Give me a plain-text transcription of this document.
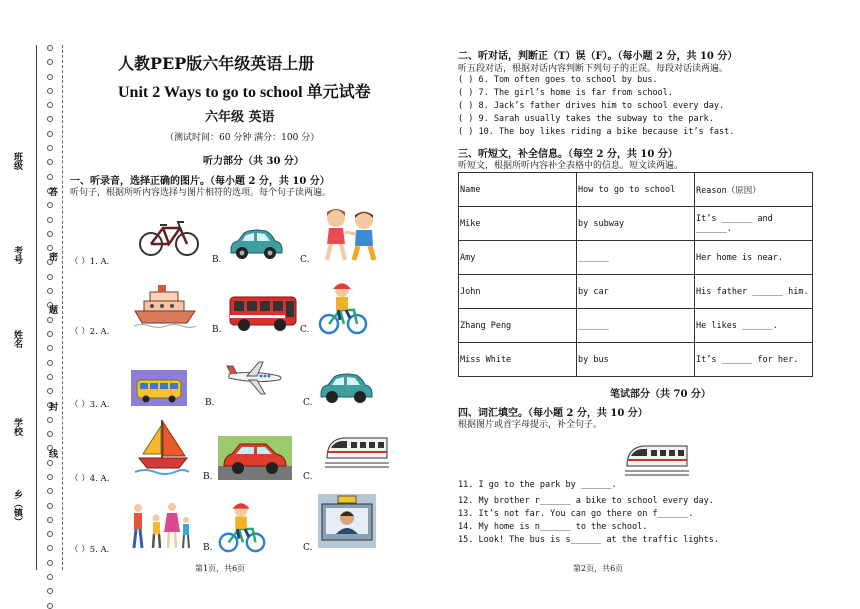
班级
考号
姓名
学校
乡（镇）
答
密
题
封
线
人教PEP版六年级英语上册
Unit 2 Ways to go to school 单元试卷
六年级 英语
（测试时间：60 分钟 满分：100 分）
听力部分（共 30 分）
一、听录音，选择正确的图片。（每小题 2 分，共 10 分）
听句子，根据所听内容选择与图片相符的选项。每个句子读两遍。
（ ）1. A.	B.	C.
（ ）2. A.	B.	C.
（ ）3. A.	B.	C.
（ ）4. A.	B.	C.
（ ）5. A.	B.	C.
第1页，共6页
二、听对话，判断正（T）误（F）。（每小题 2 分，共 10 分）
听五段对话，根据对话内容判断下列句子的正误。每段对话读两遍。
( ) 6. Tom often goes to school by bus.
( ) 7. The girl’s home is far from school.
( ) 8. Jack’s father drives him to school every day.
( ) 9. Sarah usually takes the subway to the park.
( ) 10. The boy likes riding a bike because it’s fast.
三、听短文，补全信息。（每空 2 分，共 10 分）
听短文，根据所听内容补全表格中的信息。短文读两遍。
Name	How to go to school	Reason（原因）
Mike	by subway	It’s ______ and ______.
Amy	______	Her home is near.
John	by car	His father ______ him.
Zhang Peng	______	He likes ______.
Miss White	by bus	It’s ______ for her.
笔试部分（共 70 分）
四、词汇填空。（每小题 2 分，共 10 分）
根据图片或首字母提示，补全句子。
11. I go to the park by ______.
12. My brother r______ a bike to school every day.
13. It’s not far. You can go there on f______.
14. My home is n______ to the school.
15. Look! The bus is s______ at the traffic lights.
第2页，共6页
